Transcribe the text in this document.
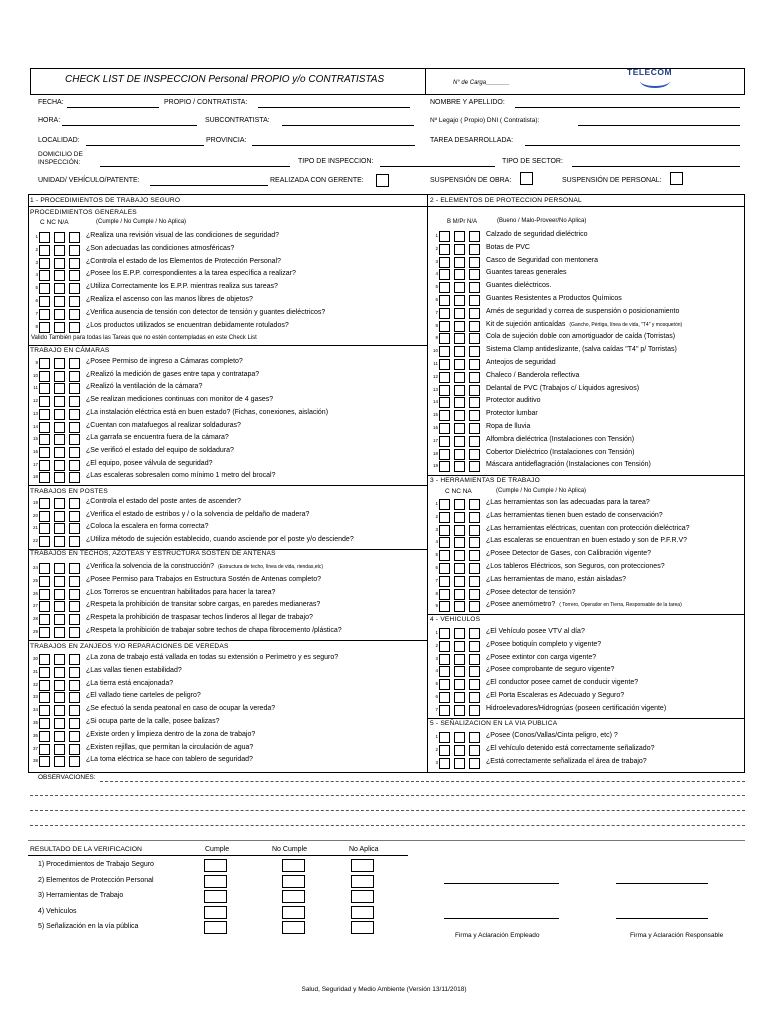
CHECK LIST DE INSPECCION Personal PROPIO y/o CONTRATISTAS	N° de Carga_______
TELECOM
FECHA:	PROPIO / CONTRATISTA:	NOMBRE Y APELLIDO:
HORA:	SUBCONTRATISTA:	Nº Legajo ( Propio) DNI ( Contratista):
LOCALIDAD:	PROVINCIA:	TAREA DESARROLLADA:
DOMICILIO DE
INSPECCIÓN:	TIPO DE INSPECCION:	TIPO DE SECTOR:
UNIDAD/ VEHÍCULO/PATENTE:	REALIZADA CON GERENTE:	SUSPENSIÓN DE OBRA:	SUSPENSIÓN DE PERSONAL:
1 - PROCEDIMIENTOS DE TRABAJO SEGURO
PROCEDIMIENTOS GENERALES
C NC N/A	(Cumple / No Cumple / No Aplica)
1	¿Realiza una revisión visual de las condiciones de seguridad?
2	¿Son adecuadas las condiciones atmosféricas?
3	¿Controla el estado de los Elementos de Protección Personal?
4	¿Posee los E.P.P. correspondientes a la tarea específica a realizar?
5	¿Utiliza Correctamente los E.P.P. mientras realiza sus tareas?
6	¿Realiza el ascenso con las manos libres de objetos?
7	¿Verifica ausencia de tensión con detector de tensión y guantes dieléctricos?
8	¿Los productos utilizados se encuentran debidamente rotulados?
Valido También para todas las Tareas que no estén contempladas en este Check List
TRABAJO EN CÁMARAS
9	¿Posee Permiso de ingreso a Cámaras completo?
10	¿Realizó la medición de gases entre tapa y contratapa?
11	¿Realizó la ventilación de la cámara?
12	¿Se realizan mediciones continuas con monitor de 4 gases?
13	¿La instalación eléctrica está en buen estado? (Fichas, conexiones, aislación)
14	¿Cuentan con matafuegos al realizar soldaduras?
15	¿La garrafa se encuentra fuera de la cámara?
16	¿Se verificó el estado del equipo de soldadura?
17	¿El equipo, posee válvula de seguridad?
18	¿Las escaleras sobresalen como mínimo 1 metro del brocal?
TRABAJOS EN POSTES
19	¿Controla el estado del poste antes de ascender?
20	¿Verifica el estado de estribos y / o la solvencia de peldaño de madera?
21	¿Coloca la escalera en forma correcta?
22	¿Utiliza método de sujeción establecido, cuando asciende por el poste y/o desciende?
TRABAJOS EN TECHOS, AZOTEAS Y ESTRUCTURA SOSTEN DE ANTENAS
24	¿Verifica la solvencia de la construcción? (Estructura de techo, línea de vida, riendas,etc)
25	¿Posee Permiso para Trabajos en Estructura Sostén de Antenas completo?
26	¿Los Torreros se encuentran habilitados para hacer la tarea?
27	¿Respeta la prohibición de transitar sobre cargas, en paredes medianeras?
28	¿Respeta la prohibición de traspasar techos linderos al llegar de trabajo?
29	¿Respeta la prohibición de trabajar sobre techos de chapa fibrocemento /plástica?
TRABAJOS EN ZANJEOS Y/O REPARACIONES DE VEREDAS
30	¿La zona de trabajo está vallada en todas su extensión o Perímetro y es seguro?
31	¿Las vallas tienen estabilidad?
32	¿La tierra está encajonada?
33	¿El vallado tiene carteles de peligro?
34	¿Se efectuó la senda peatonal en caso de ocupar la vereda?
35	¿Si ocupa parte de la calle, posee balizas?
36	¿Existe orden y limpieza dentro de la zona de trabajo?
37	¿Existen rejillas, que permitan la circulación de agua?
38	¿La toma eléctrica se hace con tablero de seguridad?
2 - ELEMENTOS DE PROTECCION PERSONAL
B M/Pr N/A	(Bueno / Malo-Proveer/No Aplica)
1	Calzado de seguridad dieléctrico
2	Botas de PVC
3	Casco de Seguridad con mentonera
4	Guantes tareas generales
5	Guantes dieléctricos.
6	Guantes Resistentes a Productos Químicos
7	Arnés de seguridad y correa de suspensión o posicionamiento
8	Kit de sujeción anticaídas (Gancho, Pértiga, línea de vida, "T4" y mosquetón)
9	Cola de sujeción doble con amortiguador de caída (Torristas)
10	Sistema Clamp antideslizante, (salva caídas "T4" p/ Torristas)
11	Anteojos de seguridad
12	Chaleco / Banderola reflectiva
13	Delantal de PVC (Trabajos c/ Líquidos agresivos)
14	Protector auditivo
15	Protector lumbar
16	Ropa de lluvia
17	Alfombra dieléctrica (Instalaciones con Tensión)
18	Cobertor Dieléctrico (Instalaciones con Tensión)
19	Máscara antideflagración (Instalaciones con Tensión)
3 - HERRAMIENTAS DE TRABAJO
C NC NA	(Cumple / No Cumple / No Aplica)
1	¿Las herramientas son las adecuadas para la tarea?
2	¿Las herramientas tienen buen estado de conservación?
3	¿Las herramientas eléctricas, cuentan con protección dieléctrica?
4	¿Las escaleras se encuentran en buen estado y son de P.F.R.V?
5	¿Posee Detector de Gases, con Calibración vigente?
6	¿Los tableros Eléctricos, son Seguros, con protecciones?
7	¿Las herramientas de mano, están aisladas?
8	¿Posee detector de tensión?
9	¿Posee anemómetro? ( Torrero, Operador en Tierra, Responsable de la tarea)
4 - VEHICULOS
1	¿El Vehículo posee VTV al día?
2	¿Posee botiquín completo y vigente?
3	¿Posee extintor con carga vigente?
4	¿Posee comprobante de seguro vigente?
5	¿El conductor posee carnet de conducir vigente?
6	¿El Porta Escaleras es Adecuado y Seguro?
7	Hidroelevadores/Hidrogrúas (poseen certificación vigente)
5 - SEÑALIZACION EN LA VIA PUBLICA
1	¿Posee (Conos/Vallas/Cinta peligro, etc) ?
2	¿El vehículo detenido está correctamente señalizado?
3	¿Está correctamente señalizada el área de trabajo?
OBSERVACIONES:
RESULTADO DE LA VERIFICACION	Cumple	No Cumple	No Aplica
1) Procedimientos de Trabajo Seguro
2) Elementos de Protección Personal
3) Herramientas de Trabajo
4) Vehículos
5) Señalización en la vía pública
Firma y Aclaración Empleado	Firma y Aclaración Responsable
Salud, Seguridad y Medio Ambiente (Versión 13/11/2018)
